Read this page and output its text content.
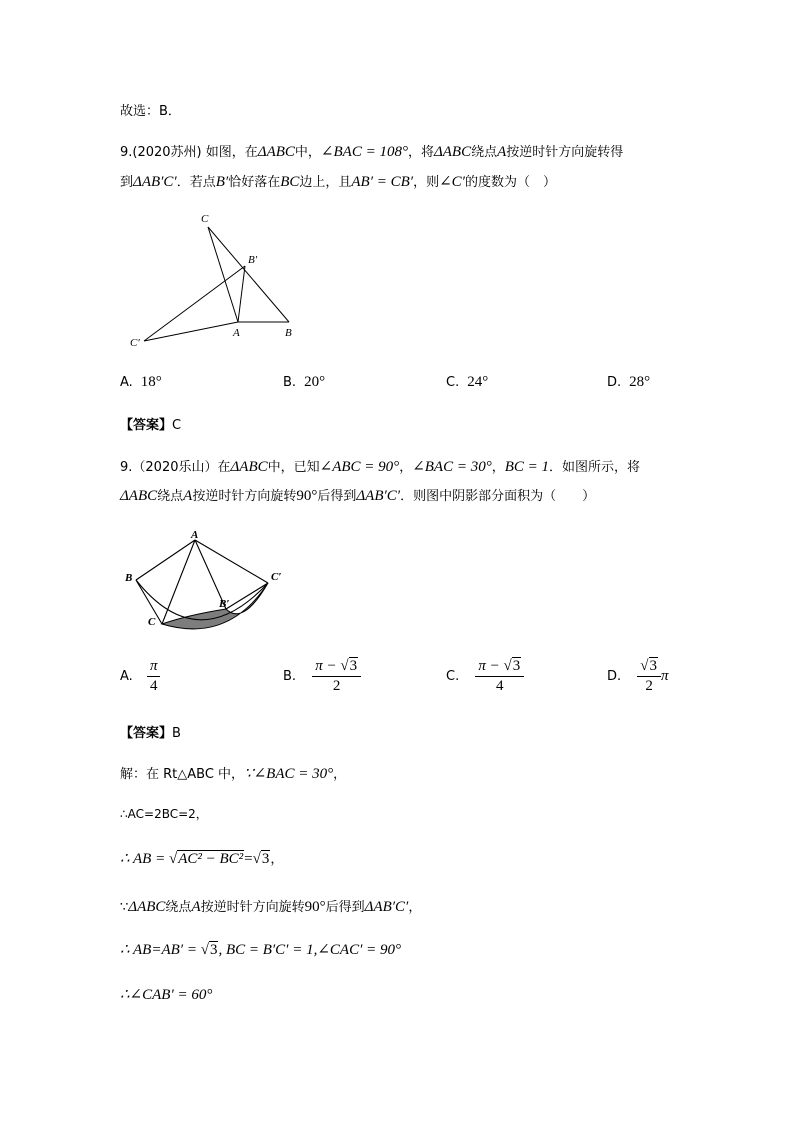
故选：B．
9.(2020苏州) 如图，在ΔABC中，∠BAC = 108°，将ΔABC绕点A按逆时针方向旋转得
到ΔAB′C′．若点B′恰好落在BC边上，且AB′ = CB′，则∠C′的度数为（　）
C
B′
A	B
C′
A. 18°	B. 20°	C. 24°	D. 28°
【答案】C
9.（2020乐山）在ΔABC中，已知∠ABC = 90°，∠BAC = 30°，BC = 1．如图所示，将
ΔABC绕点A按逆时针方向旋转90°后得到ΔAB′C′．则图中阴影部分面积为（　　）
A
B	C′
B′
C
A. $\frac{\pi}{4}$	B. $\frac{\pi - √3}{2}$	C. $\frac{\pi - √3}{4}$	D. $\frac{√3}{2}$ π
【答案】B
解：在 Rt△ABC 中，∵∠BAC = 30°，
∴AC=2BC=2，
∴ AB = √AC² − BC²=√3，
∵ΔABC绕点A按逆时针方向旋转90°后得到ΔAB′C′，
∴ AB=AB′ = √3, BC = B′C′ = 1,∠CAC′ = 90°
∴∠CAB′ = 60°
